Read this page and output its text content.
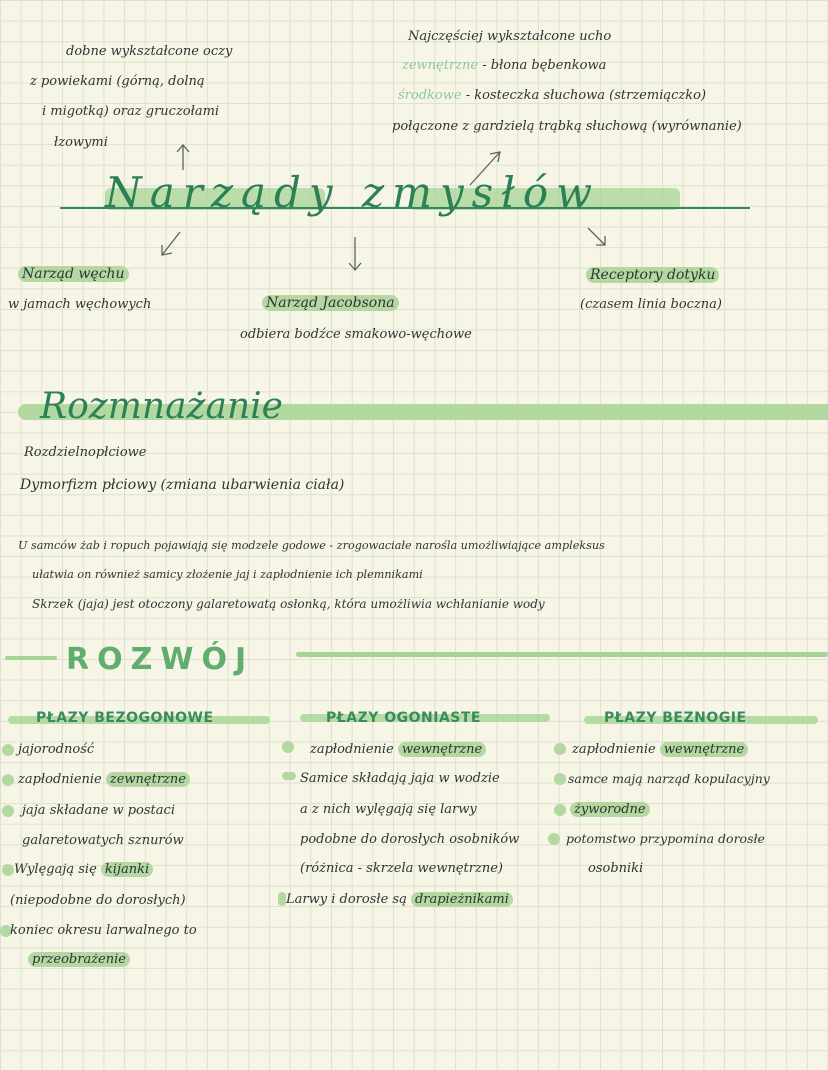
dobne wykształcone oczy
z powiekami (górną, dolną
i migotką) oraz gruczołami
łzowymi
Najczęściej wykształcone ucho
zewnętrzne - błona bębenkowa
środkowe - kosteczka słuchowa (strzemiączko)
połączone z gardzielą trąbką słuchową (wyrównanie)
Narządy zmysłów
Narząd węchu
w jamach węchowych	Narząd Jacobsona
odbiera bodźce smakowo-węchowe
Receptory dotyku
(czasem linia boczna)
Rozmnażanie
Rozdzielnopłciowe
Dymorfizm płciowy (zmiana ubarwienia ciała)
U samców żab i ropuch pojawiają się modzele godowe - zrogowaciałe narośla umożliwiające ampleksus
ułatwia on również samicy złożenie jaj i zapłodnienie ich plemnikami
Skrzek (jaja) jest otoczony galaretowatą osłonką, która umożliwia wchłanianie wody
ROZWÓJ
PŁAZY BEZOGONOWE
jajorodność
zapłodnienie zewnętrzne
jaja składane w postaci
galaretowatych sznurów
Wylęgają się kijanki
(niepodobne do dorosłych)
koniec okresu larwalnego to
przeobrażenie
PŁAZY OGONIASTE
zapłodnienie wewnętrzne
Samice składają jaja w wodzie
a z nich wylęgają się larwy
podobne do dorosłych osobników
(różnica - skrzela wewnętrzne)
Larwy i dorosłe są drapieżnikami
PŁAZY BEZNOGIE
zapłodnienie wewnętrzne
samce mają narząd kopulacyjny
żyworodne
potomstwo przypomina dorosłe
osobniki
